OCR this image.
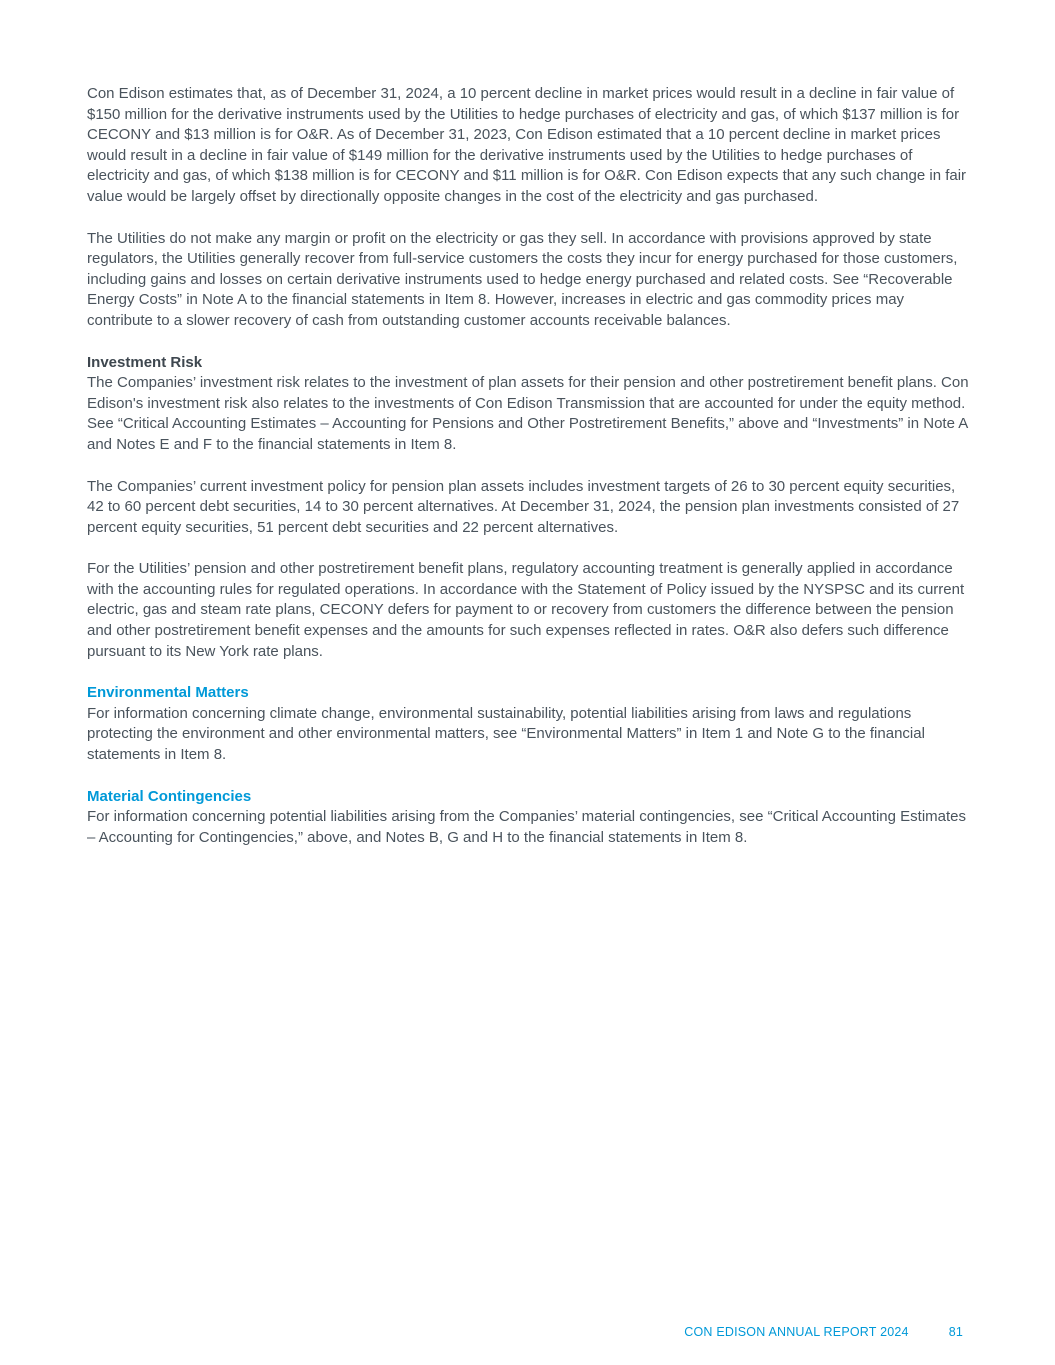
Con Edison estimates that, as of December 31, 2024, a 10 percent decline in market prices would result in a decline in fair value of $150 million for the derivative instruments used by the Utilities to hedge purchases of electricity and gas, of which $137 million is for CECONY and $13 million is for O&R. As of December 31, 2023, Con Edison estimated that a 10 percent decline in market prices would result in a decline in fair value of $149 million for the derivative instruments used by the Utilities to hedge purchases of electricity and gas, of which $138 million is for CECONY and $11 million is for O&R. Con Edison expects that any such change in fair value would be largely offset by directionally opposite changes in the cost of the electricity and gas purchased.

The Utilities do not make any margin or profit on the electricity or gas they sell. In accordance with provisions approved by state regulators, the Utilities generally recover from full-service customers the costs they incur for energy purchased for those customers, including gains and losses on certain derivative instruments used to hedge energy purchased and related costs. See “Recoverable Energy Costs” in Note A to the financial statements in Item 8. However, increases in electric and gas commodity prices may contribute to a slower recovery of cash from outstanding customer accounts receivable balances.

Investment Risk

The Companies’ investment risk relates to the investment of plan assets for their pension and other postretirement benefit plans. Con Edison's investment risk also relates to the investments of Con Edison Transmission that are accounted for under the equity method. See “Critical Accounting Estimates – Accounting for Pensions and Other Postretirement Benefits,” above and “Investments” in Note A and Notes E and F to the financial statements in Item 8.

The Companies’ current investment policy for pension plan assets includes investment targets of 26 to 30 percent equity securities, 42 to 60 percent debt securities, 14 to 30 percent alternatives. At December 31, 2024, the pension plan investments consisted of 27 percent equity securities, 51 percent debt securities and 22 percent alternatives.

For the Utilities’ pension and other postretirement benefit plans, regulatory accounting treatment is generally applied in accordance with the accounting rules for regulated operations. In accordance with the Statement of Policy issued by the NYSPSC and its current electric, gas and steam rate plans, CECONY defers for payment to or recovery from customers the difference between the pension and other postretirement benefit expenses and the amounts for such expenses reflected in rates. O&R also defers such difference pursuant to its New York rate plans.

Environmental Matters

For information concerning climate change, environmental sustainability, potential liabilities arising from laws and regulations protecting the environment and other environmental matters, see “Environmental Matters” in Item 1 and Note G to the financial statements in Item 8.

Material Contingencies

For information concerning potential liabilities arising from the Companies’ material contingencies, see “Critical Accounting Estimates – Accounting for Contingencies,” above, and Notes B, G and H to the financial statements in Item 8.

CON EDISON ANNUAL REPORT 2024	81
